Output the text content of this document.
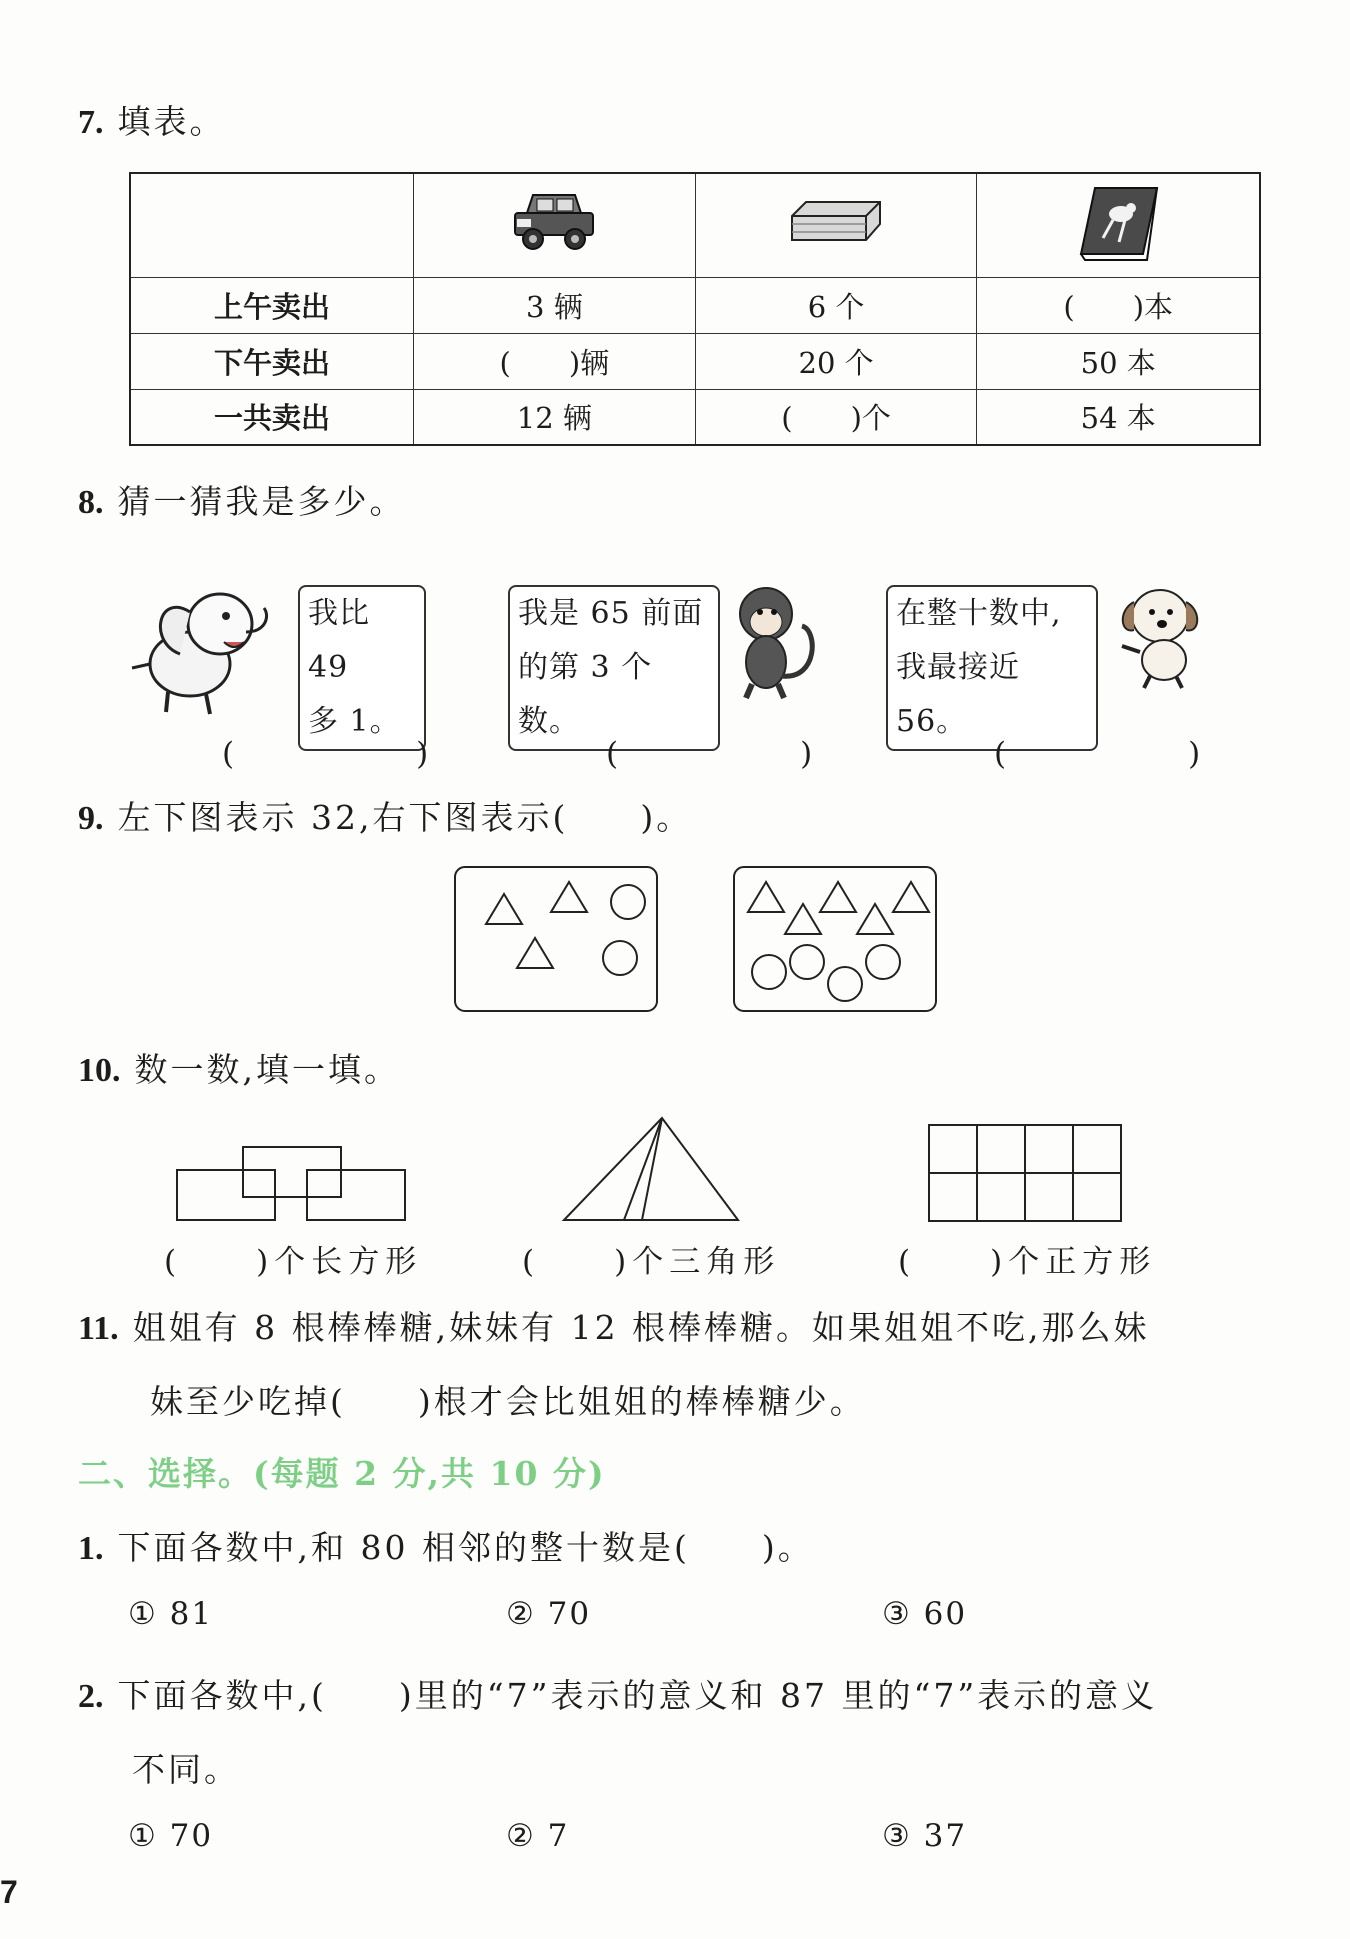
7. 填表。

上午卖出	3 辆	6 个	(　　)本
下午卖出	(　　)辆	20 个	50 本
一共卖出	12 辆	(　　)个	54 本
8. 猜一猜我是多少。
我比 49
多 1。
我是 65 前面
的第 3 个数。
在整十数中,
我最接近 56。
(　　)	(　　)	(　　)
9. 左下图表示 32,右下图表示(　　)。
10. 数一数,填一填。
(　　)个长方形	(　　)个三角形	(　　)个正方形
11. 姐姐有 8 根棒棒糖,妹妹有 12 根棒棒糖。如果姐姐不吃,那么妹
妹至少吃掉(　　)根才会比姐姐的棒棒糖少。
二、选择。(每题 2 分,共 10 分)
1. 下面各数中,和 80 相邻的整十数是(　　)。
① 81	② 70	③ 60
2. 下面各数中,(　　)里的“7”表示的意义和 87 里的“7”表示的意义
不同。
① 70	② 7	③ 37
7
